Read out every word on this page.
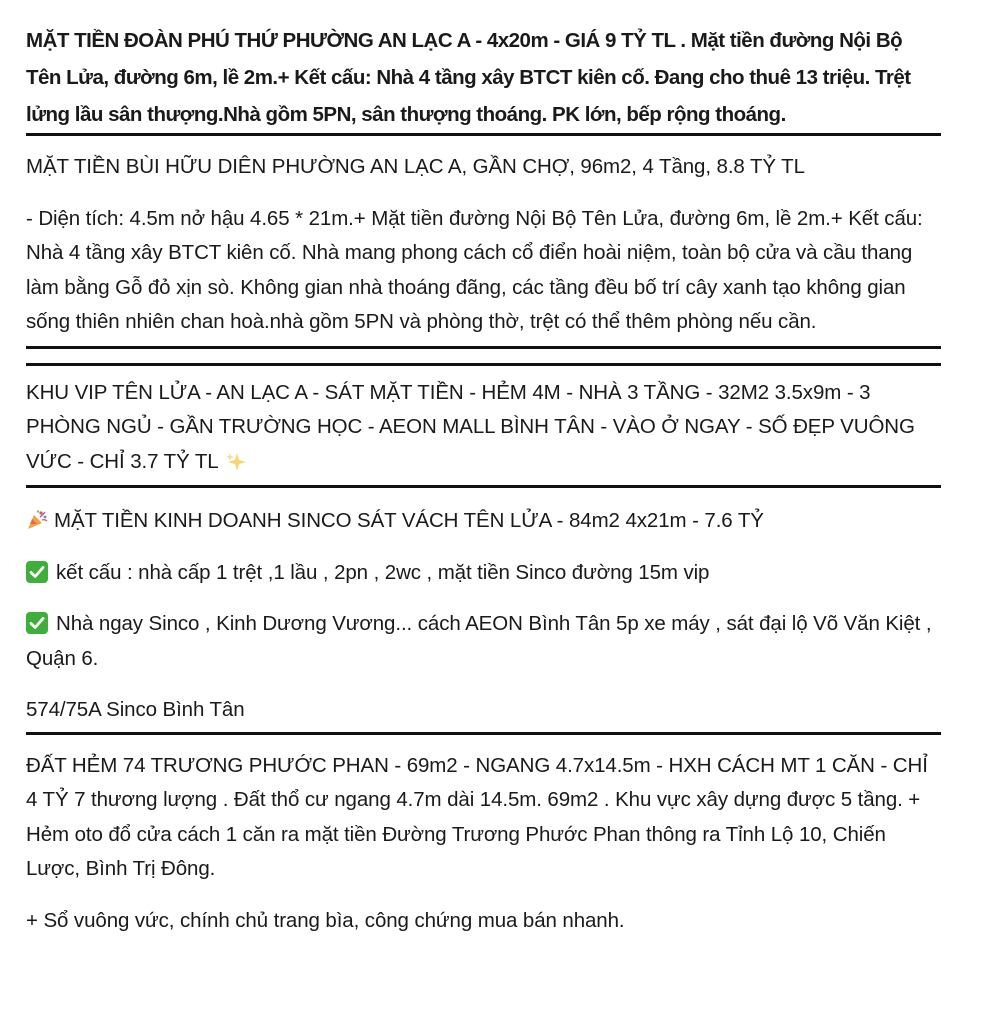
MẶT TIỀN ĐOÀN PHÚ THỨ PHƯỜNG AN LẠC A - 4x20m - GIÁ 9 TỶ TL . Mặt tiền đường Nội Bộ Tên Lửa, đường 6m, lề 2m.+ Kết cấu: Nhà 4 tầng xây BTCT kiên cố. Đang cho thuê 13 triệu. Trệt lửng lầu sân thượng.Nhà gồm 5PN, sân thượng thoáng. PK lớn, bếp rộng thoáng.

MẶT TIỀN BÙI HỮU DIÊN PHƯỜNG AN LẠC A, GẦN CHỢ, 96m2, 4 Tầng, 8.8 TỶ TL

- Diện tích: 4.5m nở hậu 4.65 * 21m.+ Mặt tiền đường Nội Bộ Tên Lửa, đường 6m, lề 2m.+ Kết cấu: Nhà 4 tầng xây BTCT kiên cố. Nhà mang phong cách cổ điển hoài niệm, toàn bộ cửa và cầu thang làm bằng Gỗ đỏ xịn sò. Không gian nhà thoáng đãng, các tầng đều bố trí cây xanh tạo không gian sống thiên nhiên chan hoà.nhà gồm 5PN và phòng thờ, trệt có thể thêm phòng nếu cần.

KHU VIP TÊN LỬA - AN LẠC A - SÁT MẶT TIỀN - HẺM 4M - NHÀ 3 TẦNG - 32M2 3.5x9m - 3 PHÒNG NGỦ - GẦN TRƯỜNG HỌC - AEON MALL BÌNH TÂN - VÀO Ở NGAY - SỐ ĐẸP VUÔNG VỨC - CHỈ 3.7 TỶ TL

MẶT TIỀN KINH DOANH SINCO SÁT VÁCH TÊN LỬA - 84m2 4x21m - 7.6 TỶ

kết cấu : nhà cấp 1 trệt ,1 lầu , 2pn , 2wc , mặt tiền Sinco đường 15m vip

Nhà ngay Sinco , Kinh Dương Vương... cách AEON Bình Tân 5p xe máy , sát đại lộ Võ Văn Kiệt , Quận 6.

574/75A Sinco Bình Tân

ĐẤT HẺM 74 TRƯƠNG PHƯỚC PHAN - 69m2 - NGANG 4.7x14.5m - HXH CÁCH MT 1 CĂN - CHỈ 4 TỶ 7 thương lượng . Đất thổ cư ngang 4.7m dài 14.5m. 69m2 . Khu vực xây dựng được 5 tầng. + Hẻm oto đổ cửa cách 1 căn ra mặt tiền Đường Trương Phước Phan thông ra Tỉnh Lộ 10, Chiến Lược, Bình Trị Đông.

+ Sổ vuông vức, chính chủ trang bìa, công chứng mua bán nhanh.
